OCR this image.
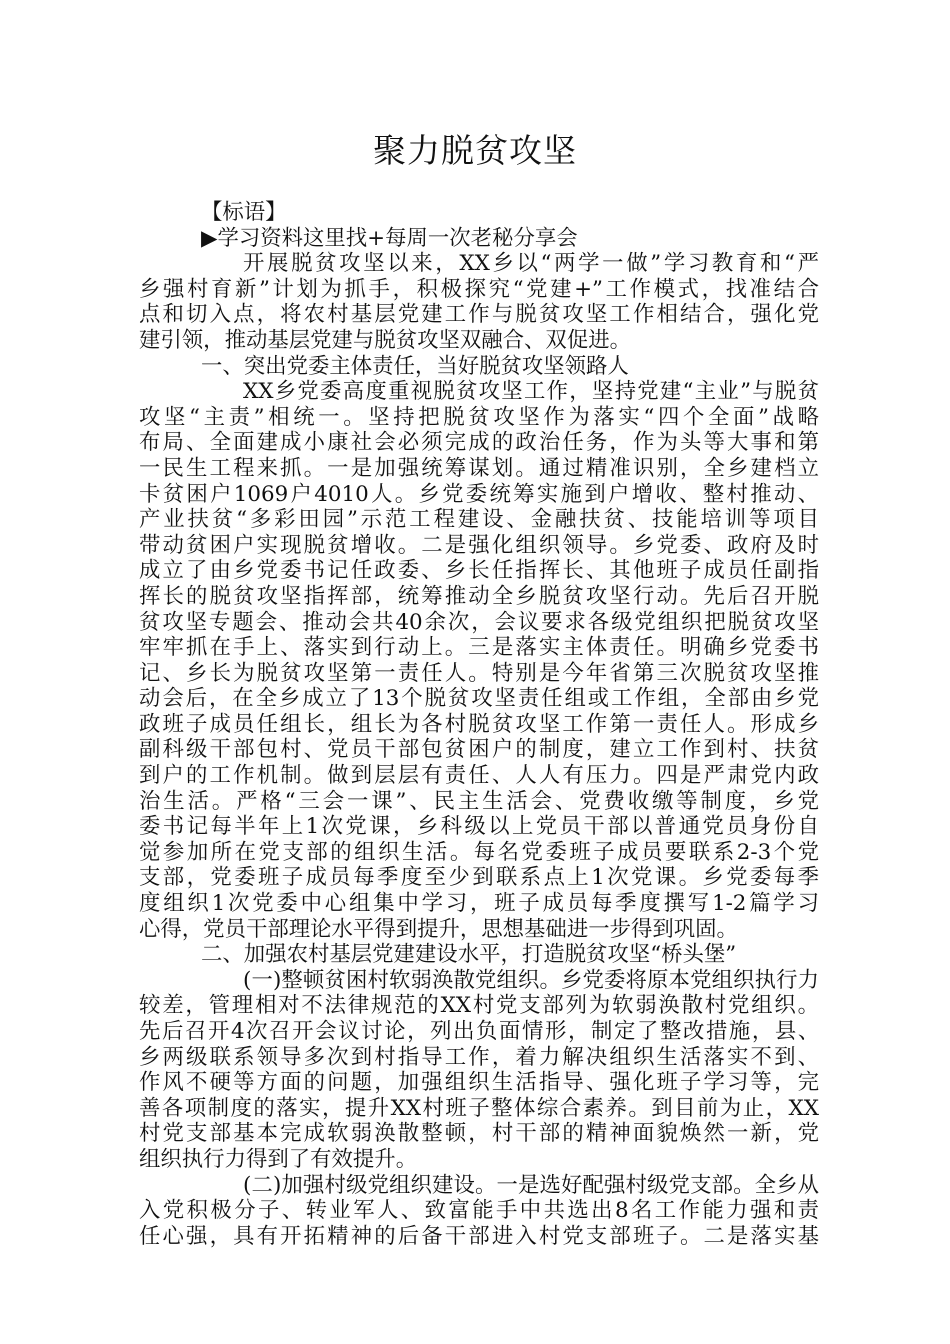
聚力脱贫攻坚
【标语】
▶学习资料这里找+每周一次老秘分享会
开展脱贫攻坚以来，XX乡以“两学一做”学习教育和“严
乡强村育新”计划为抓手，积极探究“党建+”工作模式，找准结合
点和切入点，将农村基层党建工作与脱贫攻坚工作相结合，强化党
建引领，推动基层党建与脱贫攻坚双融合、双促进。
一、突出党委主体责任，当好脱贫攻坚领路人
XX乡党委高度重视脱贫攻坚工作，坚持党建“主业”与脱贫
攻坚“主责”相统一。坚持把脱贫攻坚作为落实“四个全面”战略
布局、全面建成小康社会必须完成的政治任务，作为头等大事和第
一民生工程来抓。一是加强统筹谋划。通过精准识别，全乡建档立
卡贫困户1069户4010人。乡党委统筹实施到户增收、整村推动、
产业扶贫“多彩田园”示范工程建设、金融扶贫、技能培训等项目
带动贫困户实现脱贫增收。二是强化组织领导。乡党委、政府及时
成立了由乡党委书记任政委、乡长任指挥长、其他班子成员任副指
挥长的脱贫攻坚指挥部，统筹推动全乡脱贫攻坚行动。先后召开脱
贫攻坚专题会、推动会共40余次，会议要求各级党组织把脱贫攻坚
牢牢抓在手上、落实到行动上。三是落实主体责任。明确乡党委书
记、乡长为脱贫攻坚第一责任人。特别是今年省第三次脱贫攻坚推
动会后，在全乡成立了13个脱贫攻坚责任组或工作组，全部由乡党
政班子成员任组长，组长为各村脱贫攻坚工作第一责任人。形成乡
副科级干部包村、党员干部包贫困户的制度，建立工作到村、扶贫
到户的工作机制。做到层层有责任、人人有压力。四是严肃党内政
治生活。严格“三会一课”、民主生活会、党费收缴等制度，乡党
委书记每半年上1次党课，乡科级以上党员干部以普通党员身份自
觉参加所在党支部的组织生活。每名党委班子成员要联系2-3个党
支部，党委班子成员每季度至少到联系点上1次党课。乡党委每季
度组织1次党委中心组集中学习，班子成员每季度撰写1-2篇学习
心得，党员干部理论水平得到提升，思想基础进一步得到巩固。
二、加强农村基层党建建设水平，打造脱贫攻坚“桥头堡”
(一)整顿贫困村软弱涣散党组织。乡党委将原本党组织执行力
较差，管理相对不法律规范的XX村党支部列为软弱涣散村党组织。
先后召开4次召开会议讨论，列出负面情形，制定了整改措施，县、
乡两级联系领导多次到村指导工作，着力解决组织生活落实不到、
作风不硬等方面的问题，加强组织生活指导、强化班子学习等，完
善各项制度的落实，提升XX村班子整体综合素养。到目前为止，XX
村党支部基本完成软弱涣散整顿，村干部的精神面貌焕然一新，党
组织执行力得到了有效提升。
(二)加强村级党组织建设。一是选好配强村级党支部。全乡从
入党积极分子、转业军人、致富能手中共选出8名工作能力强和责
任心强，具有开拓精神的后备干部进入村党支部班子。二是落实基
